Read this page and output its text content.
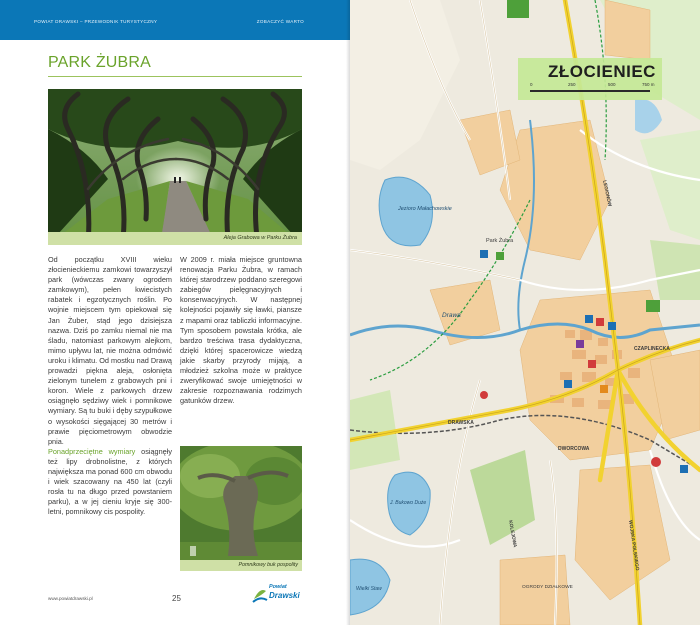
POWIAT DRAWSKI – PRZEWODNIK TURYSTYCZNY	ZOBACZYĆ WARTO
PARK ŻUBRA
Aleja Grabowa w Parku Żubra

Od początku XVIII wieku złocienieckiemu zamkowi towarzyszył park (wówczas zwany ogrodem zamkowym), pełen kwiecistych rabatek i egzotycznych roślin. Po wojnie miejscem tym opiekował się Jan Żuber, stąd jego dzisiejsza nazwa. Dziś po zamku niemal nie ma śladu, natomiast parkowym alejkom, mimo upływu lat, nie można odmówić uroku i klimatu. Od mostku nad Drawą prowadzi piękna aleja, osłonięta zielonym tunelem z grabowych pni i koron. Wiele z parkowych drzew osiągnęło sędziwy wiek i pomnikowe wymiary. Są tu buki i dęby szypułkowe o wysokości sięgającej 30 metrów i prawie pięciometrowym obwodzie pnia.

Ponadprzeciętne wymiary osiągnęły też lipy drobnolistne, z których największa ma ponad 600 cm obwodu i wiek szacowany na 450 lat (czyli rosła tu na długo przed powstaniem parku), a w jej cieniu kryje się 300-letni, pomnikowy cis pospolity.

W 2009 r. miała miejsce gruntowna renowacja Parku Żubra, w ramach której starodrzew poddano szeregowi zabiegów pielęgnacyjnych i konserwacyjnych. W następnej kolejności pojawiły się ławki, piansze z mapami oraz tabliczki informacyjne. Tym sposobem powstała krótka, ale bardzo treściwa trasa dydaktyczna, dzięki której spacerowicze wiedzą jakie skarby przyrody mijają, a młodzież szkolna może w praktyce zweryfikować swoje umiejętności w zakresie rozpoznawania rodzimych gatunków drzew.

Pomnikowy buk pospolity
www.powiatdrawski.pl	25
Powiat
Drawski
ZŁOCIENIEC
0	250	500	750 m
Jezioro Małachowskie
Park Żubra
Drawa
CZAPLINECKA
DRAWSKA
DWORCOWA
J. Bukowo Duże
Wielki Staw	OGRODY DZIAŁKOWE
LEGIONÓW
KOLEJOWA	WOJSKA POLSKIEGO
